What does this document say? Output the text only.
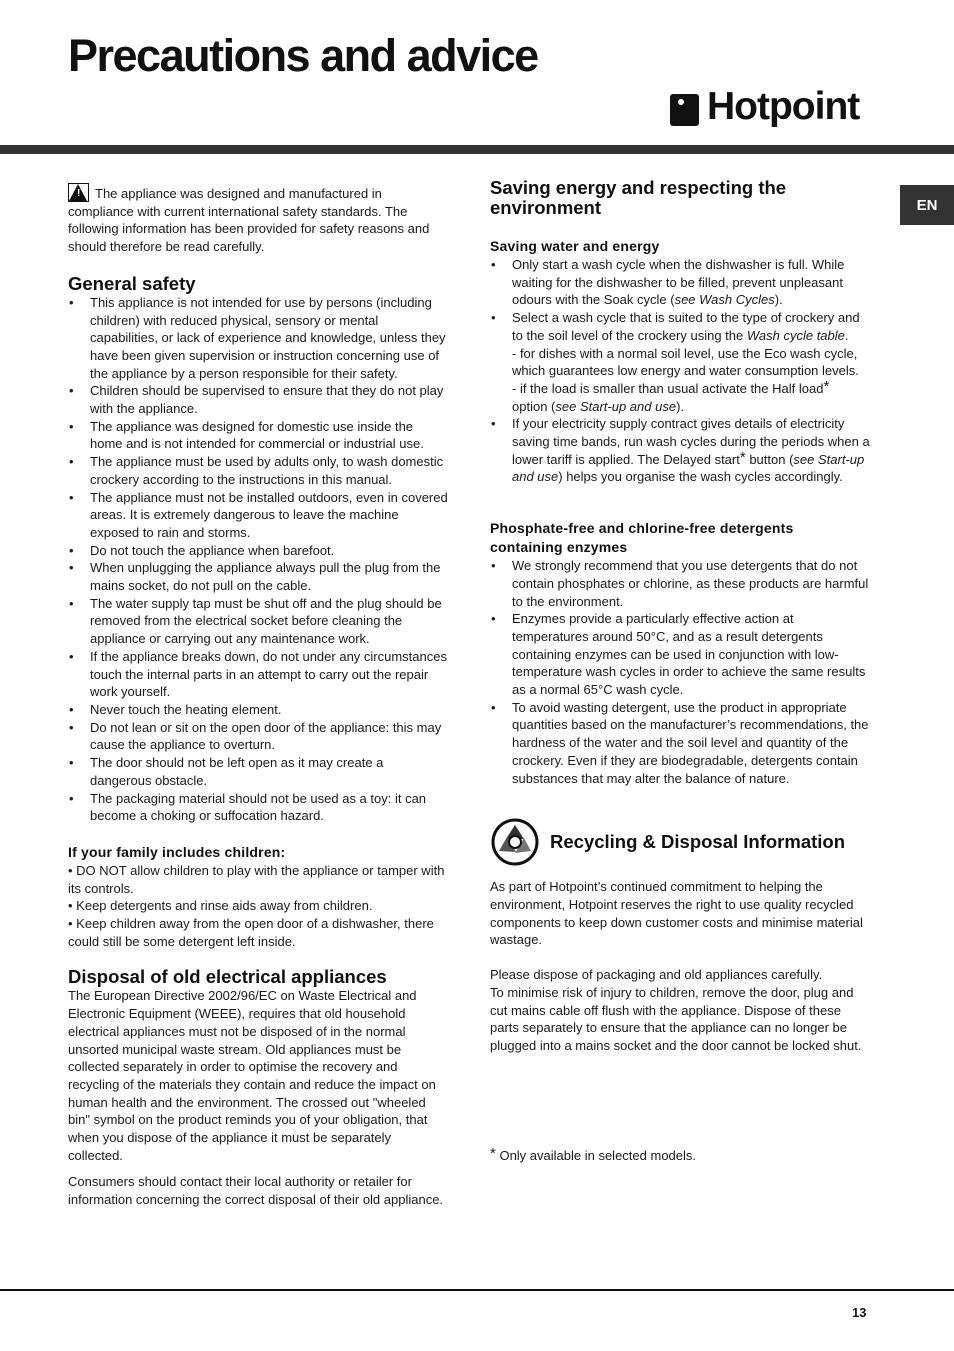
Precautions and advice
Hotpoint
EN

! The appliance was designed and manufactured in compliance with current international safety standards. The following information has been provided for safety reasons and should therefore be read carefully.

General safety
• This appliance is not intended for use by persons (including children) with reduced physical, sensory or mental capabilities, or lack of experience and knowledge, unless they have been given supervision or instruction concerning use of the appliance by a person responsible for their safety.
• Children should be supervised to ensure that they do not play with the appliance.
• The appliance was designed for domestic use inside the home and is not intended for commercial or industrial use.
• The appliance must be used by adults only, to wash domestic crockery according to the instructions in this manual.
• The appliance must not be installed outdoors, even in covered areas. It is extremely dangerous to leave the machine exposed to rain and storms.
• Do not touch the appliance when barefoot.
• When unplugging the appliance always pull the plug from the mains socket, do not pull on the cable.
• The water supply tap must be shut off and the plug should be removed from the electrical socket before cleaning the appliance or carrying out any maintenance work.
• If the appliance breaks down, do not under any circumstances touch the internal parts in an attempt to carry out the repair work yourself.
• Never touch the heating element.
• Do not lean or sit on the open door of the appliance: this may cause the appliance to overturn.
• The door should not be left open as it may create a dangerous obstacle.
• The packaging material should not be used as a toy: it can become a choking or suffocation hazard.
If your family includes children:

• DO NOT allow children to play with the appliance or tamper with its controls.

• Keep detergents and rinse aids away from children.

• Keep children away from the open door of a dishwasher, there could still be some detergent left inside.

Disposal of old electrical appliances

The European Directive 2002/96/EC on Waste Electrical and Electronic Equipment (WEEE), requires that old household electrical appliances must not be disposed of in the normal unsorted municipal waste stream. Old appliances must be collected separately in order to optimise the recovery and recycling of the materials they contain and reduce the impact on human health and the environment. The crossed out "wheeled bin" symbol on the product reminds you of your obligation, that when you dispose of the appliance it must be separately collected.

Consumers should contact their local authority or retailer for information concerning the correct disposal of their old appliance.

Saving energy and respecting the environment
Saving water and energy
• Only start a wash cycle when the dishwasher is full. While waiting for the dishwasher to be filled, prevent unpleasant odours with the Soak cycle (see Wash Cycles).
• Select a wash cycle that is suited to the type of crockery and to the soil level of the crockery using the Wash cycle table.
- for dishes with a normal soil level, use the Eco wash cycle, which guarantees low energy and water consumption levels.
- if the load is smaller than usual activate the Half load*
option (see Start-up and use).
• If your electricity supply contract gives details of electricity saving time bands, run wash cycles during the periods when a lower tariff is applied. The Delayed start* button (see Start-up and use) helps you organise the wash cycles accordingly.
Phosphate-free and chlorine-free detergents containing enzymes
• We strongly recommend that you use detergents that do not contain phosphates or chlorine, as these products are harmful to the environment.
• Enzymes provide a particularly effective action at temperatures around 50°C, and as a result detergents containing enzymes can be used in conjunction with low-temperature wash cycles in order to achieve the same results as a normal 65°C wash cycle.
• To avoid wasting detergent, use the product in appropriate quantities based on the manufacturer’s recommendations, the hardness of the water and the soil level and quantity of the crockery. Even if they are biodegradable, detergents contain substances that may alter the balance of nature.
Recycling & Disposal Information

As part of Hotpoint’s continued commitment to helping the environment, Hotpoint reserves the right to use quality recycled components to keep down customer costs and minimise material wastage.

Please dispose of packaging and old appliances carefully.

To minimise risk of injury to children, remove the door, plug and cut mains cable off flush with the appliance. Dispose of these parts separately to ensure that the appliance can no longer be plugged into a mains socket and the door cannot be locked shut.

* Only available in selected models.

13
